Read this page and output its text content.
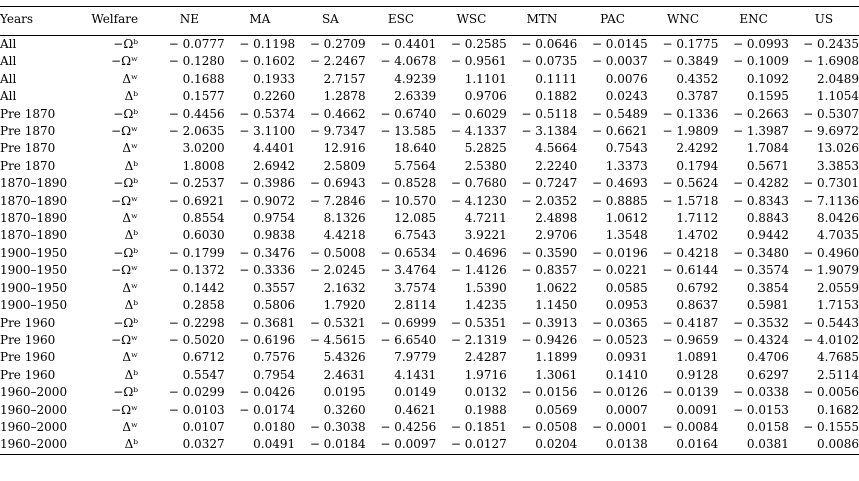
Years	Welfare	NE	MA	SA	ESC	WSC	MTN	PAC	WNC	ENC	US
All	−Ωᵇ	− 0.0777	− 0.1198	− 0.2709	− 0.4401	− 0.2585	− 0.0646	− 0.0145	− 0.1775	− 0.0993	− 0.2435
All	−Ωʷ	− 0.1280	− 0.1602	− 2.2467	− 4.0678	− 0.9561	− 0.0735	− 0.0037	− 0.3849	− 0.1009	− 1.6908
All	Δʷ	0.1688	0.1933	2.7157	4.9239	1.1101	0.1111	0.0076	0.4352	0.1092	2.0489
All	Δᵇ	0.1577	0.2260	1.2878	2.6339	0.9706	0.1882	0.0243	0.3787	0.1595	1.1054
Pre 1870	−Ωᵇ	− 0.4456	− 0.5374	− 0.4662	− 0.6740	− 0.6029	− 0.5118	− 0.5489	− 0.1336	− 0.2663	− 0.5307
Pre 1870	−Ωʷ	− 2.0635	− 3.1100	− 9.7347	− 13.585	− 4.1337	− 3.1384	− 0.6621	− 1.9809	− 1.3987	− 9.6972
Pre 1870	Δʷ	3.0200	4.4401	12.916	18.640	5.2825	4.5664	0.7543	2.4292	1.7084	13.026
Pre 1870	Δᵇ	1.8008	2.6942	2.5809	5.7564	2.5380	2.2240	1.3373	0.1794	0.5671	3.3853
1870–1890	−Ωᵇ	− 0.2537	− 0.3986	− 0.6943	− 0.8528	− 0.7680	− 0.7247	− 0.4693	− 0.5624	− 0.4282	− 0.7301
1870–1890	−Ωʷ	− 0.6921	− 0.9072	− 7.2846	− 10.570	− 4.1230	− 2.0352	− 0.8885	− 1.5718	− 0.8343	− 7.1136
1870–1890	Δʷ	0.8554	0.9754	8.1326	12.085	4.7211	2.4898	1.0612	1.7112	0.8843	8.0426
1870–1890	Δᵇ	0.6030	0.9838	4.4218	6.7543	3.9221	2.9706	1.3548	1.4702	0.9442	4.7035
1900–1950	−Ωᵇ	− 0.1799	− 0.3476	− 0.5008	− 0.6534	− 0.4696	− 0.3590	− 0.0196	− 0.4218	− 0.3480	− 0.4960
1900–1950	−Ωʷ	− 0.1372	− 0.3336	− 2.0245	− 3.4764	− 1.4126	− 0.8357	− 0.0221	− 0.6144	− 0.3574	− 1.9079
1900–1950	Δʷ	0.1442	0.3557	2.1632	3.7574	1.5390	1.0622	0.0585	0.6792	0.3854	2.0559
1900–1950	Δᵇ	0.2858	0.5806	1.7920	2.8114	1.4235	1.1450	0.0953	0.8637	0.5981	1.7153
Pre 1960	−Ωᵇ	− 0.2298	− 0.3681	− 0.5321	− 0.6999	− 0.5351	− 0.3913	− 0.0365	− 0.4187	− 0.3532	− 0.5443
Pre 1960	−Ωʷ	− 0.5020	− 0.6196	− 4.5615	− 6.6540	− 2.1319	− 0.9426	− 0.0523	− 0.9659	− 0.4324	− 4.0102
Pre 1960	Δʷ	0.6712	0.7576	5.4326	7.9779	2.4287	1.1899	0.0931	1.0891	0.4706	4.7685
Pre 1960	Δᵇ	0.5547	0.7954	2.4631	4.1431	1.9716	1.3061	0.1410	0.9128	0.6297	2.5114
1960–2000	−Ωᵇ	− 0.0299	− 0.0426	0.0195	0.0149	0.0132	− 0.0156	− 0.0126	− 0.0139	− 0.0338	− 0.0056
1960–2000	−Ωʷ	− 0.0103	− 0.0174	0.3260	0.4621	0.1988	0.0569	0.0007	0.0091	− 0.0153	0.1682
1960–2000	Δʷ	0.0107	0.0180	− 0.3038	− 0.4256	− 0.1851	− 0.0508	− 0.0001	− 0.0084	0.0158	− 0.1555
1960–2000	Δᵇ	0.0327	0.0491	− 0.0184	− 0.0097	− 0.0127	0.0204	0.0138	0.0164	0.0381	0.0086
